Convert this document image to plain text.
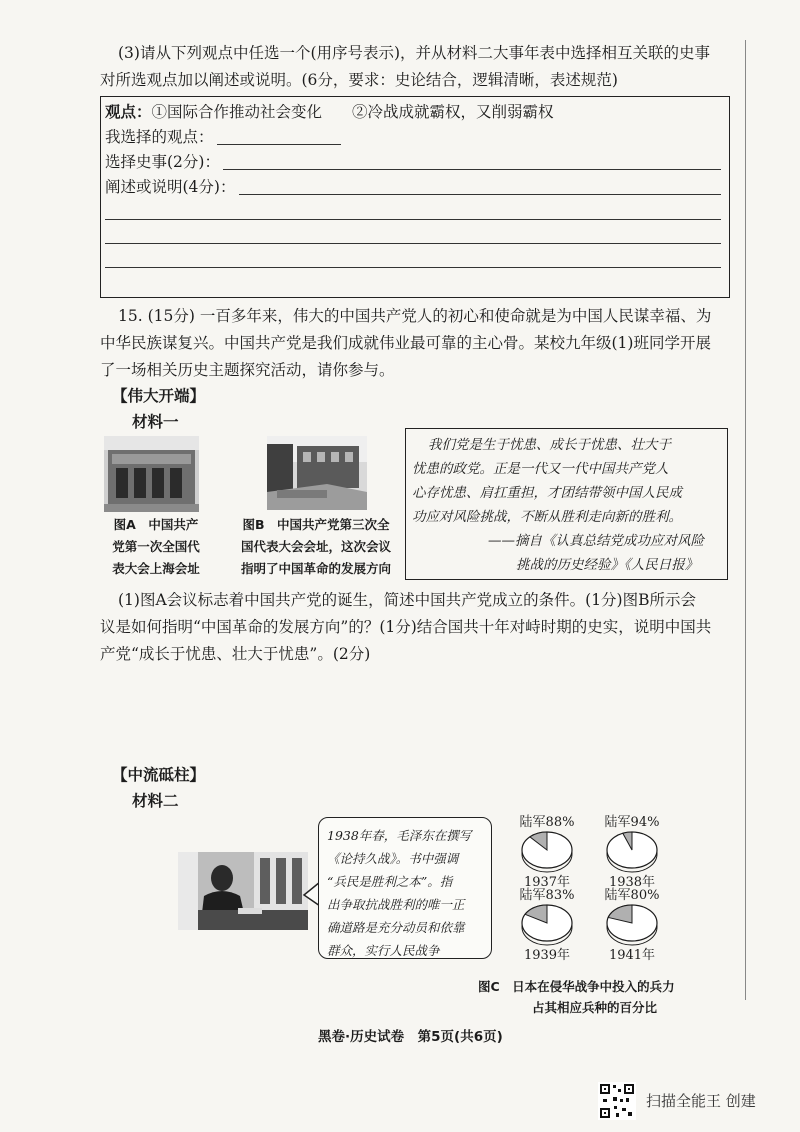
(3)请从下列观点中任选一个(用序号表示)，并从材料二大事年表中选择相互关联的史事
对所选观点加以阐述或说明。(6分，要求：史论结合，逻辑清晰，表述规范)
观点：①国际合作推动社会变化 ②冷战成就霸权，又削弱霸权
我选择的观点：
选择史事(2分)：
阐述或说明(4分)：
15. (15分) 一百多年来，伟大的中国共产党人的初心和使命就是为中国人民谋幸福、为
中华民族谋复兴。中国共产党是我们成就伟业最可靠的主心骨。某校九年级(1)班同学开展
了一场相关历史主题探究活动，请你参与。
【伟大开端】
材料一
图A　中国共产
党第一次全国代
表大会上海会址
图B　中国共产党第三次全
国代表大会会址，这次会议
指明了中国革命的发展方向

我们党是生于忧患、成长于忧患、壮大于

忧患的政党。正是一代又一代中国共产党人

心存忧患、肩扛重担，才团结带领中国人民成

功应对风险挑战，不断从胜利走向新的胜利。

——摘自《认真总结党成功应对风险

挑战的历史经验》《人民日报》

(1)图A会议标志着中国共产党的诞生，简述中国共产党成立的条件。(1分)图B所示会
议是如何指明“中国革命的发展方向”的？(1分)结合国共十年对峙时期的史实，说明中国共
产党“成长于忧患、壮大于忧患”。(2分)
【中流砥柱】
材料二

1938年春，毛泽东在撰写

《论持久战》。书中强调

“兵民是胜利之本”。指

出争取抗战胜利的唯一正

确道路是充分动员和依靠

群众，实行人民战争

陆军88%
1937年
陆军94%
1938年
陆军83%
1939年
陆军80%
1941年
图C　日本在侵华战争中投入的兵力
占其相应兵种的百分比
黑卷·历史试卷　第5页(共6页)
扫描全能王 创建
